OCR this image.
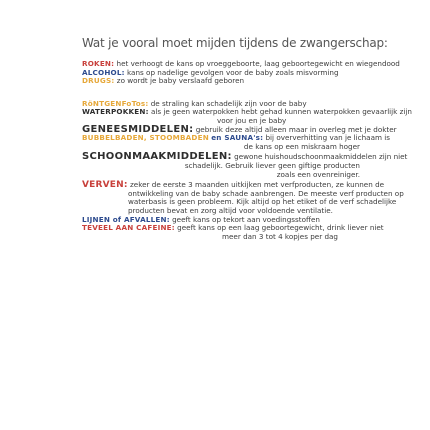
Wat je vooral moet mijden tijdens de zwangerschap:
ROKEN: het verhoogt de kans op vroeggeboorte, laag geboortegewicht en wiegendood
ALCOHOL: kans op nadelige gevolgen voor de baby zoals misvorming
DRUGS: zo wordt je baby verslaafd geboren
RöNTGENFoTos: de straling kan schadelijk zijn voor de baby
WATERPOKKEN: als je geen waterpokken hebt gehad kunnen waterpokken gevaarlijk zijn
voor jou en je baby
GENEESMIDDELEN: gebruik deze altijd alleen maar in overleg met je dokter
BUBBELBADEN, STOOMBADEN en SAUNA's: bij oververhitting van je lichaam is
de kans op een miskraam hoger
SCHOONMAAKMIDDELEN: gewone huishoudschoonmaakmiddelen zijn niet
schadelijk. Gebruik liever geen giftige producten
zoals een ovenreiniger.
VERVEN: zeker de eerste 3 maanden uitkijken met verfproducten, ze kunnen de
ontwikkeling van de baby schade aanbrengen. De meeste verf producten op
waterbasis is geen probleem. Kijk altijd op het etiket of de verf schadelijke
producten bevat en zorg altijd voor voldoende ventilatie.
LIJNEN of AFVALLEN: geeft kans op tekort aan voedingsstoffen
TEVEEL AAN CAFEINE: geeft kans op een laag geboortegewicht, drink liever niet
meer dan 3 tot 4 kopjes per dag
